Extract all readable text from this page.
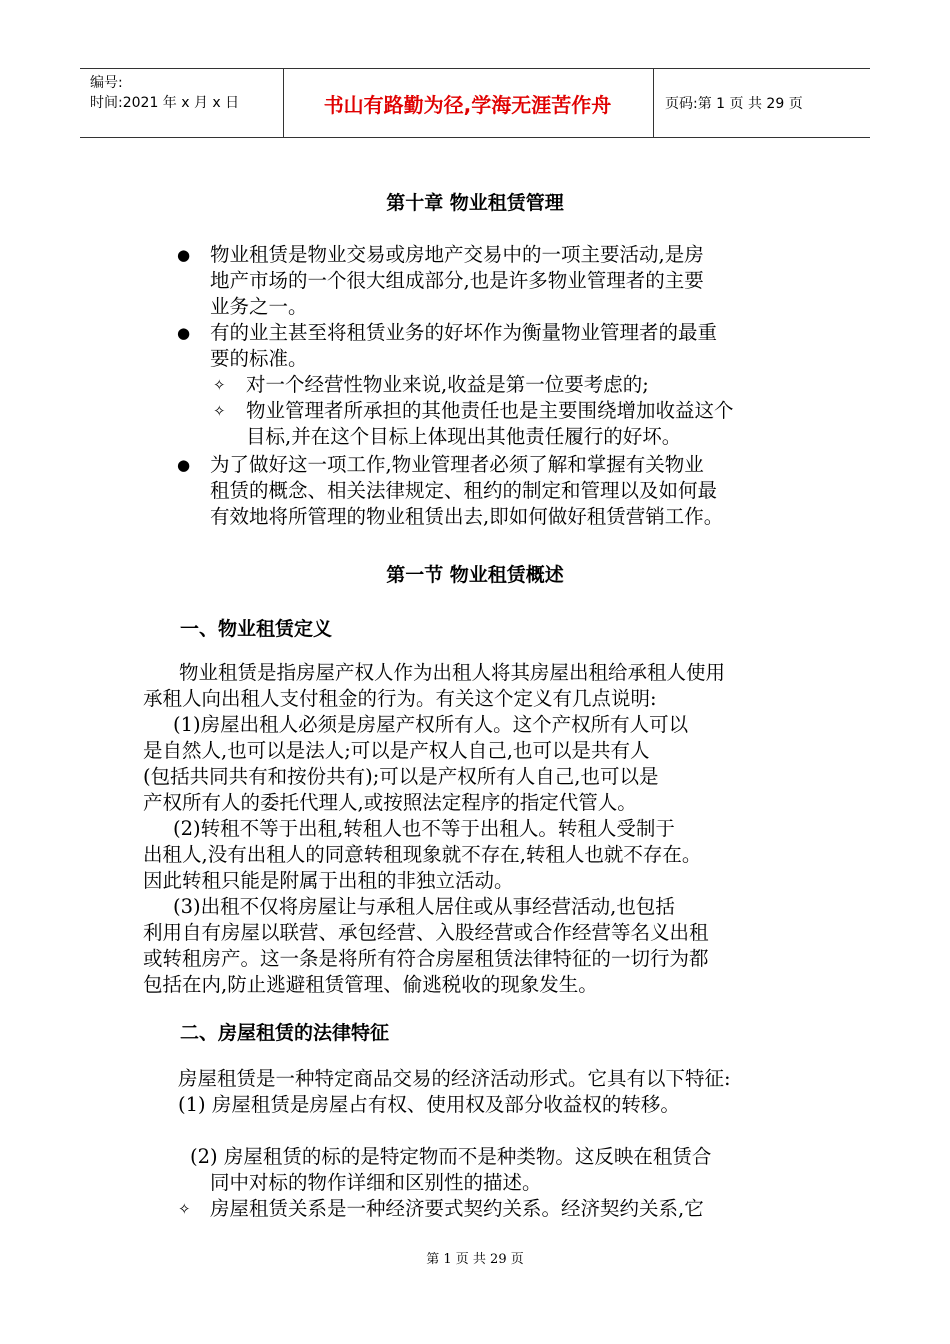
编号:
时间:2021 年 x 月 x 日	书山有路勤为径,学海无涯苦作舟	页码:第 1 页 共 29 页
第十章 物业租赁管理
● 物业租赁是物业交易或房地产交易中的一项主要活动,是房
地产市场的一个很大组成部分,也是许多物业管理者的主要
业务之一。
● 有的业主甚至将租赁业务的好坏作为衡量物业管理者的最重
要的标准。
✧ 对一个经营性物业来说,收益是第一位要考虑的;
✧ 物业管理者所承担的其他责任也是主要围绕增加收益这个
目标,并在这个目标上体现出其他责任履行的好坏。
● 为了做好这一项工作,物业管理者必须了解和掌握有关物业
租赁的概念、相关法律规定、租约的制定和管理以及如何最
有效地将所管理的物业租赁出去,即如何做好租赁营销工作。
第一节 物业租赁概述
一、物业租赁定义
物业租赁是指房屋产权人作为出租人将其房屋出租给承租人使用
承租人向出租人支付租金的行为。有关这个定义有几点说明:
(1)房屋出租人必须是房屋产权所有人。这个产权所有人可以
是自然人,也可以是法人;可以是产权人自己,也可以是共有人
(包括共同共有和按份共有);可以是产权所有人自己,也可以是
产权所有人的委托代理人,或按照法定程序的指定代管人。
(2)转租不等于出租,转租人也不等于出租人。转租人受制于
出租人,没有出租人的同意转租现象就不存在,转租人也就不存在。
因此转租只能是附属于出租的非独立活动。
(3)出租不仅将房屋让与承租人居住或从事经营活动,也包括
利用自有房屋以联营、承包经营、入股经营或合作经营等名义出租
或转租房产。这一条是将所有符合房屋租赁法律特征的一切行为都
包括在内,防止逃避租赁管理、偷逃税收的现象发生。
二、房屋租赁的法律特征
房屋租赁是一种特定商品交易的经济活动形式。它具有以下特征:
(1) 房屋租赁是房屋占有权、使用权及部分收益权的转移。
(2) 房屋租赁的标的是特定物而不是种类物。这反映在租赁合
同中对标的物作详细和区别性的描述。
✧ 房屋租赁关系是一种经济要式契约关系。经济契约关系,它
第 1 页 共 29 页
